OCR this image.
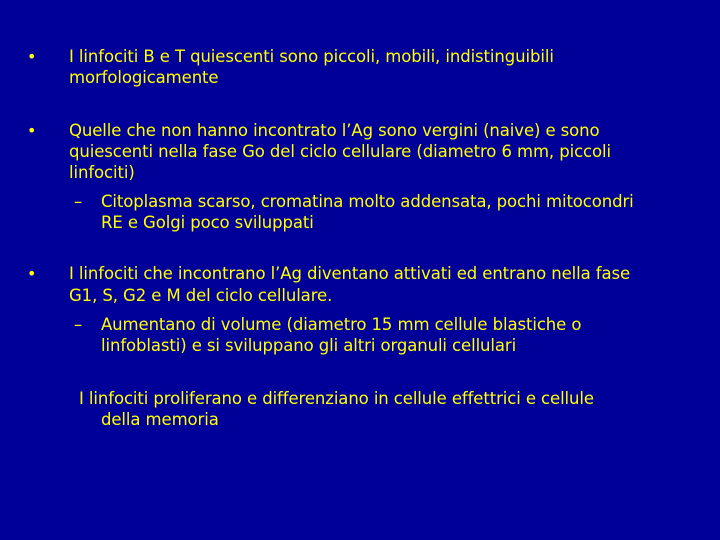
• I linfociti B e T quiescenti sono piccoli, mobili, indistinguibili
morfologicamente
• Quelle che non hanno incontrato l’Ag sono vergini (naive) e sono
quiescenti nella fase Go del ciclo cellulare (diametro 6 mm, piccoli
linfociti)
– Citoplasma scarso, cromatina molto addensata, pochi mitocondri
RE e Golgi poco sviluppati
• I linfociti che incontrano l’Ag diventano attivati ed entrano nella fase
G1, S, G2 e M del ciclo cellulare.
– Aumentano di volume (diametro 15 mm cellule blastiche o
linfoblasti) e si sviluppano gli altri organuli cellulari
I linfociti proliferano e differenziano in cellule effettrici e cellule
della memoria
